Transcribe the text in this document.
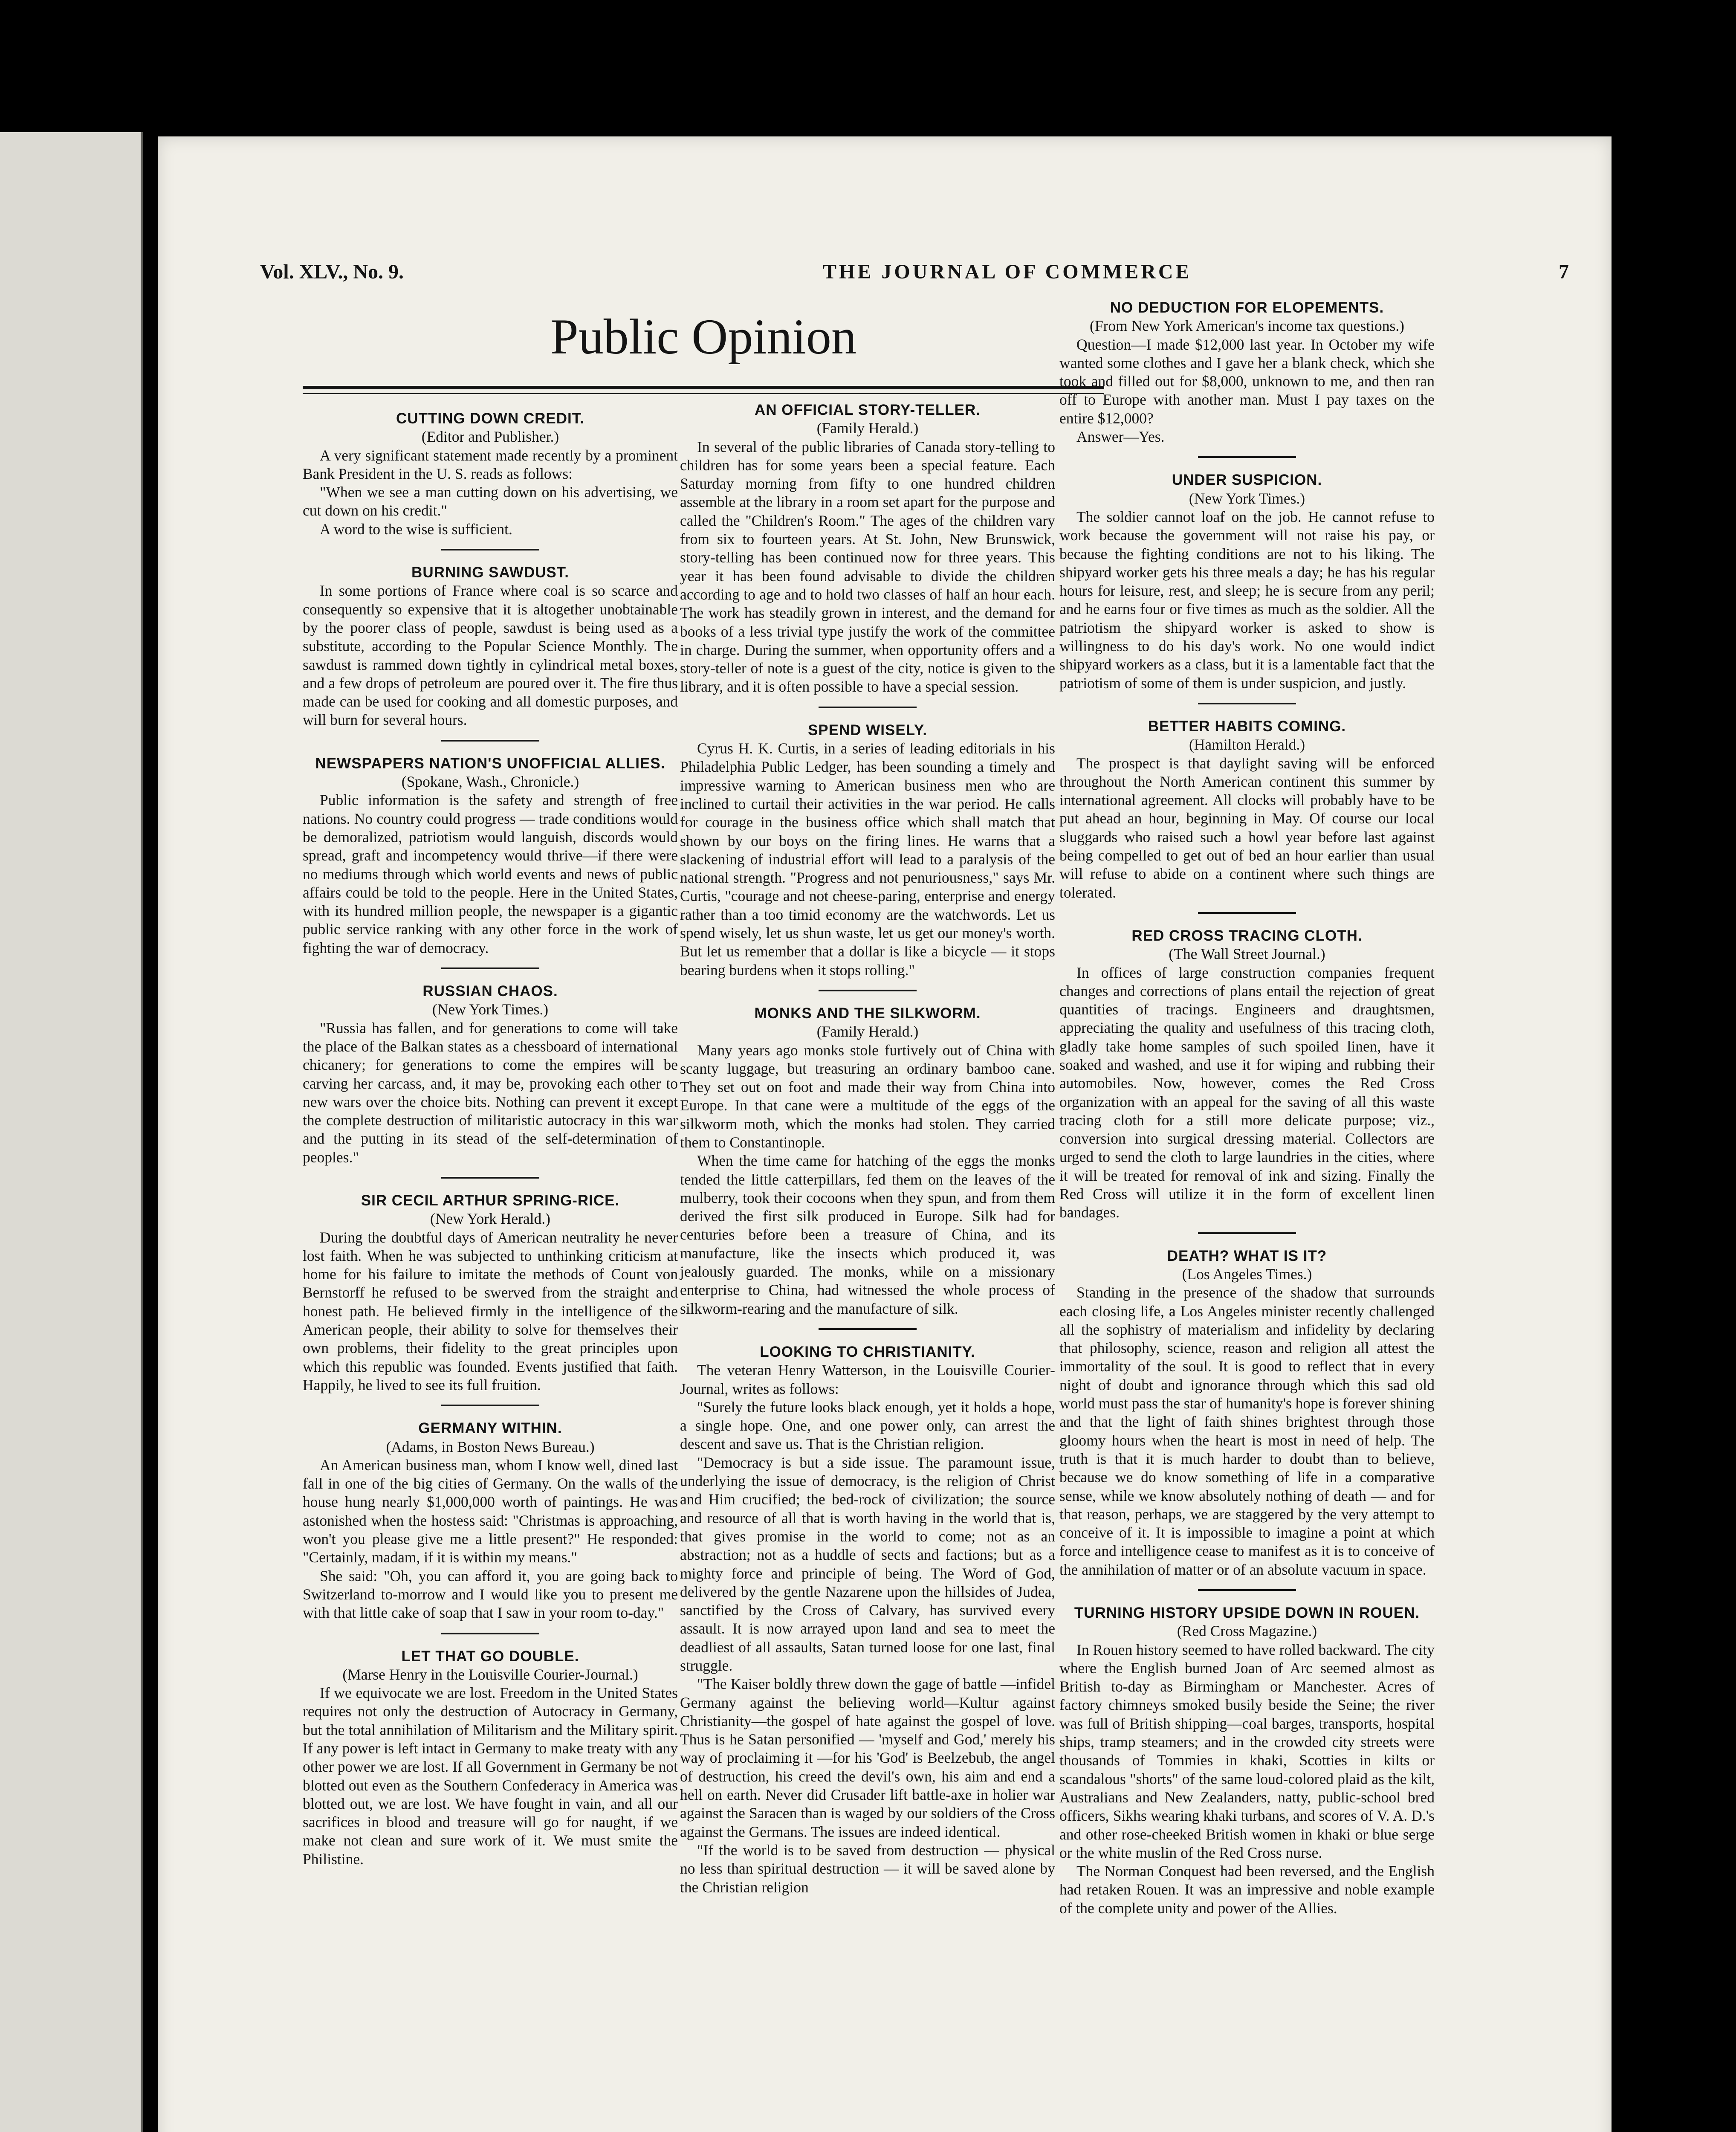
Vol. XLV., No. 9.	THE JOURNAL OF COMMERCE	7
Public Opinion
CUTTING DOWN CREDIT.
(Editor and Publisher.)

A very significant statement made recently by a prominent Bank President in the U. S. reads as follows:

"When we see a man cutting down on his advertising, we cut down on his credit."

A word to the wise is sufficient.

BURNING SAWDUST.

In some portions of France where coal is so scarce and consequently so expensive that it is altogether unobtainable by the poorer class of people, sawdust is being used as a substitute, according to the Popular Science Monthly. The sawdust is rammed down tightly in cylindrical metal boxes, and a few drops of petroleum are poured over it. The fire thus made can be used for cooking and all domestic purposes, and will burn for several hours.

NEWSPAPERS NATION'S UNOFFICIAL ALLIES.
(Spokane, Wash., Chronicle.)

Public information is the safety and strength of free nations. No country could progress — trade conditions would be demoralized, patriotism would languish, discords would spread, graft and incompetency would thrive—if there were no mediums through which world events and news of public affairs could be told to the people. Here in the United States, with its hundred million people, the newspaper is a gigantic public service ranking with any other force in the work of fighting the war of democracy.

RUSSIAN CHAOS.
(New York Times.)

"Russia has fallen, and for generations to come will take the place of the Balkan states as a chessboard of international chicanery; for generations to come the empires will be carving her carcass, and, it may be, provoking each other to new wars over the choice bits. Nothing can prevent it except the complete destruction of militaristic autocracy in this war and the putting in its stead of the self-determination of peoples."

SIR CECIL ARTHUR SPRING-RICE.
(New York Herald.)

During the doubtful days of American neutrality he never lost faith. When he was subjected to unthinking criticism at home for his failure to imitate the methods of Count von Bernstorff he refused to be swerved from the straight and honest path. He believed firmly in the intelligence of the American people, their ability to solve for themselves their own problems, their fidelity to the great principles upon which this republic was founded. Events justified that faith. Happily, he lived to see its full fruition.

GERMANY WITHIN.
(Adams, in Boston News Bureau.)

An American business man, whom I know well, dined last fall in one of the big cities of Germany. On the walls of the house hung nearly $1,000,000 worth of paintings. He was astonished when the hostess said: "Christmas is approaching, won't you please give me a little present?" He responded: "Certainly, madam, if it is within my means."

She said: "Oh, you can afford it, you are going back to Switzerland to-morrow and I would like you to present me with that little cake of soap that I saw in your room to-day."

LET THAT GO DOUBLE.
(Marse Henry in the Louisville Courier-Journal.)

If we equivocate we are lost. Freedom in the United States requires not only the destruction of Autocracy in Germany, but the total annihilation of Militarism and the Military spirit. If any power is left intact in Germany to make treaty with any other power we are lost. If all Government in Germany be not blotted out even as the Southern Confederacy in America was blotted out, we are lost. We have fought in vain, and all our sacrifices in blood and treasure will go for naught, if we make not clean and sure work of it. We must smite the Philistine.

AN OFFICIAL STORY-TELLER.
(Family Herald.)

In several of the public libraries of Canada story-telling to children has for some years been a special feature. Each Saturday morning from fifty to one hundred children assemble at the library in a room set apart for the purpose and called the "Children's Room." The ages of the children vary from six to fourteen years. At St. John, New Brunswick, story-telling has been continued now for three years. This year it has been found advisable to divide the children according to age and to hold two classes of half an hour each. The work has steadily grown in interest, and the demand for books of a less trivial type justify the work of the committee in charge. During the summer, when opportunity offers and a story-teller of note is a guest of the city, notice is given to the library, and it is often possible to have a special session.

SPEND WISELY.

Cyrus H. K. Curtis, in a series of leading editorials in his Philadelphia Public Ledger, has been sounding a timely and impressive warning to American business men who are inclined to curtail their activities in the war period. He calls for courage in the business office which shall match that shown by our boys on the firing lines. He warns that a slackening of industrial effort will lead to a paralysis of the national strength. "Progress and not penuriousness," says Mr. Curtis, "courage and not cheese-paring, enterprise and energy rather than a too timid economy are the watchwords. Let us spend wisely, let us shun waste, let us get our money's worth. But let us remember that a dollar is like a bicycle — it stops bearing burdens when it stops rolling."

MONKS AND THE SILKWORM.
(Family Herald.)

Many years ago monks stole furtively out of China with scanty luggage, but treasuring an ordinary bamboo cane. They set out on foot and made their way from China into Europe. In that cane were a multitude of the eggs of the silkworm moth, which the monks had stolen. They carried them to Constantinople.

When the time came for hatching of the eggs the monks tended the little catterpillars, fed them on the leaves of the mulberry, took their cocoons when they spun, and from them derived the first silk produced in Europe. Silk had for centuries before been a treasure of China, and its manufacture, like the insects which produced it, was jealously guarded. The monks, while on a missionary enterprise to China, had witnessed the whole process of silkworm-rearing and the manufacture of silk.

LOOKING TO CHRISTIANITY.

The veteran Henry Watterson, in the Louisville Courier-Journal, writes as follows:

"Surely the future looks black enough, yet it holds a hope, a single hope. One, and one power only, can arrest the descent and save us. That is the Christian religion.

"Democracy is but a side issue. The paramount issue, underlying the issue of democracy, is the religion of Christ and Him crucified; the bed-rock of civilization; the source and resource of all that is worth having in the world that is, that gives promise in the world to come; not as an abstraction; not as a huddle of sects and factions; but as a mighty force and principle of being. The Word of God, delivered by the gentle Nazarene upon the hillsides of Judea, sanctified by the Cross of Calvary, has survived every assault. It is now arrayed upon land and sea to meet the deadliest of all assaults, Satan turned loose for one last, final struggle.

"The Kaiser boldly threw down the gage of battle —infidel Germany against the believing world—Kultur against Christianity—the gospel of hate against the gospel of love. Thus is he Satan personified — 'myself and God,' merely his way of proclaiming it —for his 'God' is Beelzebub, the angel of destruction, his creed the devil's own, his aim and end a hell on earth. Never did Crusader lift battle-axe in holier war against the Saracen than is waged by our soldiers of the Cross against the Germans. The issues are indeed identical.

"If the world is to be saved from destruction — physical no less than spiritual destruction — it will be saved alone by the Christian religion

NO DEDUCTION FOR ELOPEMENTS.
(From New York American's income tax questions.)

Question—I made $12,000 last year. In October my wife wanted some clothes and I gave her a blank check, which she took and filled out for $8,000, unknown to me, and then ran off to Europe with another man. Must I pay taxes on the entire $12,000?

Answer—Yes.

UNDER SUSPICION.
(New York Times.)

The soldier cannot loaf on the job. He cannot refuse to work because the government will not raise his pay, or because the fighting conditions are not to his liking. The shipyard worker gets his three meals a day; he has his regular hours for leisure, rest, and sleep; he is secure from any peril; and he earns four or five times as much as the soldier. All the patriotism the shipyard worker is asked to show is willingness to do his day's work. No one would indict shipyard workers as a class, but it is a lamentable fact that the patriotism of some of them is under suspicion, and justly.

BETTER HABITS COMING.
(Hamilton Herald.)

The prospect is that daylight saving will be enforced throughout the North American continent this summer by international agreement. All clocks will probably have to be put ahead an hour, beginning in May. Of course our local sluggards who raised such a howl year before last against being compelled to get out of bed an hour earlier than usual will refuse to abide on a continent where such things are tolerated.

RED CROSS TRACING CLOTH.
(The Wall Street Journal.)

In offices of large construction companies frequent changes and corrections of plans entail the rejection of great quantities of tracings. Engineers and draughtsmen, appreciating the quality and usefulness of this tracing cloth, gladly take home samples of such spoiled linen, have it soaked and washed, and use it for wiping and rubbing their automobiles. Now, however, comes the Red Cross organization with an appeal for the saving of all this waste tracing cloth for a still more delicate purpose; viz., conversion into surgical dressing material. Collectors are urged to send the cloth to large laundries in the cities, where it will be treated for removal of ink and sizing. Finally the Red Cross will utilize it in the form of excellent linen bandages.

DEATH? WHAT IS IT?
(Los Angeles Times.)

Standing in the presence of the shadow that surrounds each closing life, a Los Angeles minister recently challenged all the sophistry of materialism and infidelity by declaring that philosophy, science, reason and religion all attest the immortality of the soul. It is good to reflect that in every night of doubt and ignorance through which this sad old world must pass the star of humanity's hope is forever shining and that the light of faith shines brightest through those gloomy hours when the heart is most in need of help. The truth is that it is much harder to doubt than to believe, because we do know something of life in a comparative sense, while we know absolutely nothing of death — and for that reason, perhaps, we are staggered by the very attempt to conceive of it. It is impossible to imagine a point at which force and intelligence cease to manifest as it is to conceive of the annihilation of matter or of an absolute vacuum in space.

TURNING HISTORY UPSIDE DOWN IN ROUEN.
(Red Cross Magazine.)

In Rouen history seemed to have rolled backward. The city where the English burned Joan of Arc seemed almost as British to-day as Birmingham or Manchester. Acres of factory chimneys smoked busily beside the Seine; the river was full of British shipping—coal barges, transports, hospital ships, tramp steamers; and in the crowded city streets were thousands of Tommies in khaki, Scotties in kilts or scandalous "shorts" of the same loud-colored plaid as the kilt, Australians and New Zealanders, natty, public-school bred officers, Sikhs wearing khaki turbans, and scores of V. A. D.'s and other rose-cheeked British women in khaki or blue serge or the white muslin of the Red Cross nurse.

The Norman Conquest had been reversed, and the English had retaken Rouen. It was an impressive and noble example of the complete unity and power of the Allies.
